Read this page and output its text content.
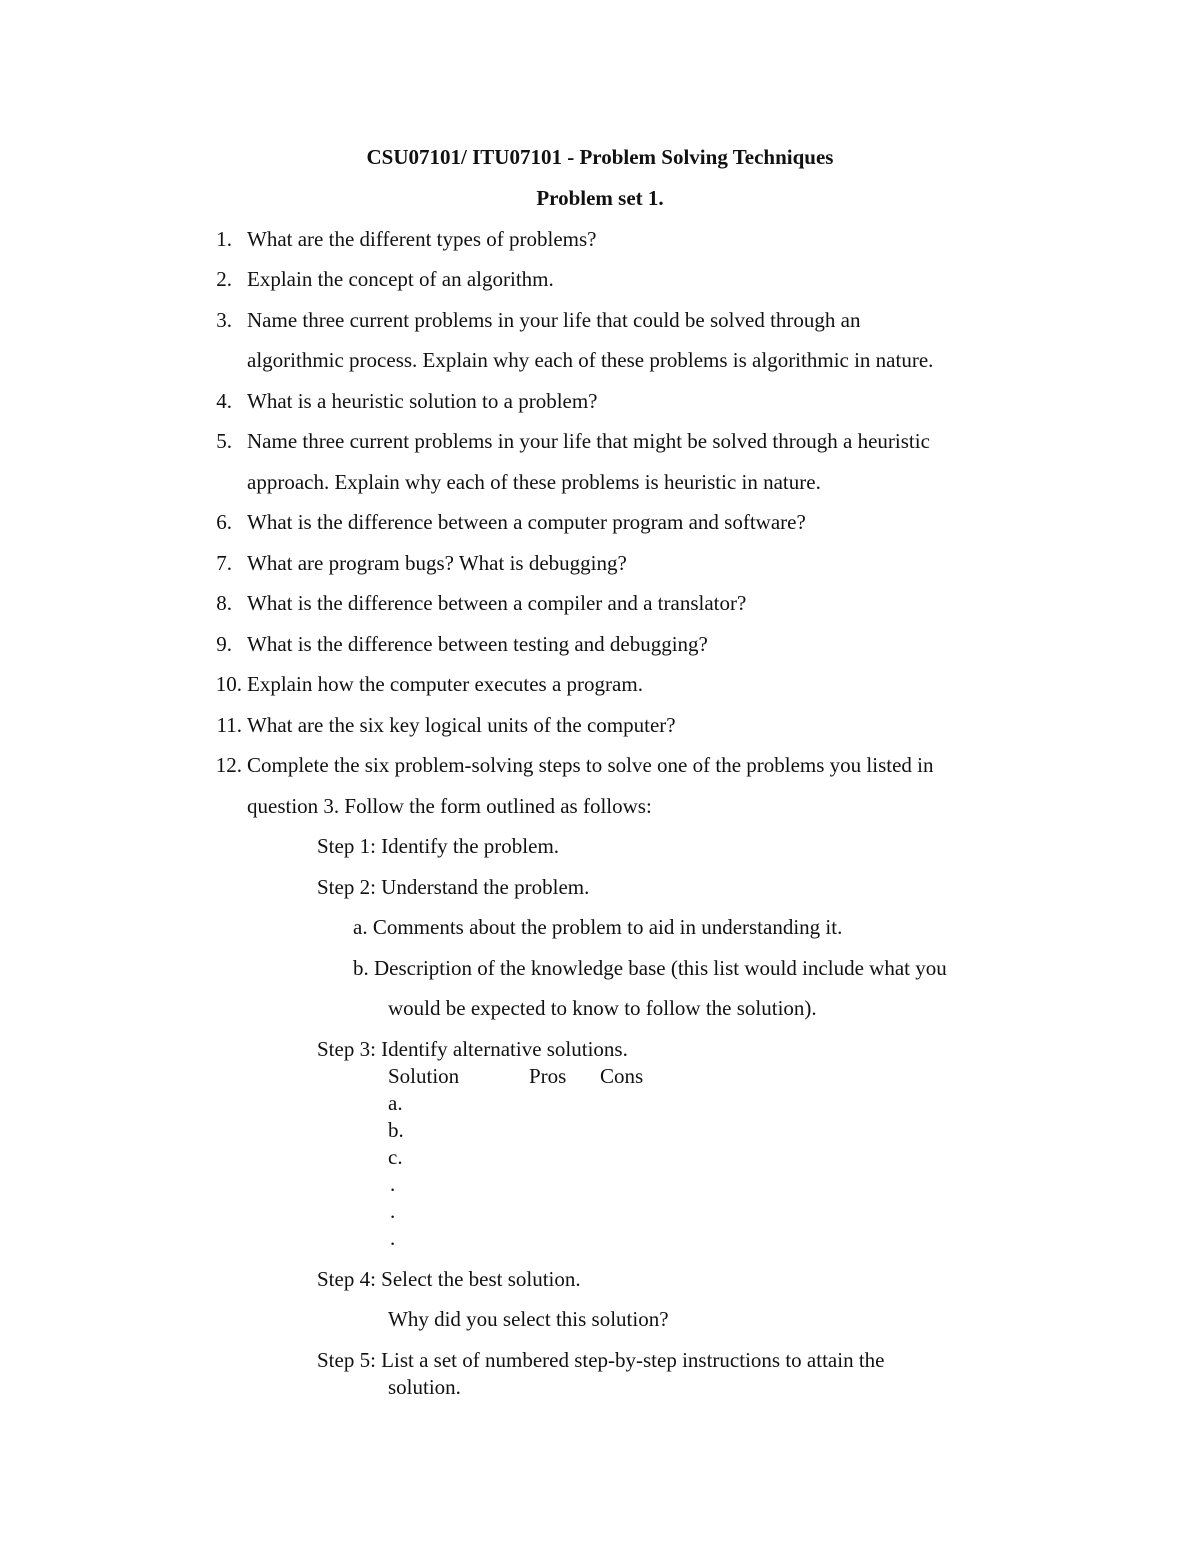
CSU07101/ ITU07101 - Problem Solving Techniques
Problem set 1.
1. What are the different types of problems?
2. Explain the concept of an algorithm.
3. Name three current problems in your life that could be solved through an
algorithmic process. Explain why each of these problems is algorithmic in nature.
4. What is a heuristic solution to a problem?
5. Name three current problems in your life that might be solved through a heuristic
approach. Explain why each of these problems is heuristic in nature.
6. What is the difference between a computer program and software?
7. What are program bugs? What is debugging?
8. What is the difference between a compiler and a translator?
9. What is the difference between testing and debugging?
10. Explain how the computer executes a program.
11. What are the six key logical units of the computer?
12. Complete the six problem-solving steps to solve one of the problems you listed in
question 3. Follow the form outlined as follows:
Step 1: Identify the problem.
Step 2: Understand the problem.
a. Comments about the problem to aid in understanding it.
b. Description of the knowledge base (this list would include what you
would be expected to know to follow the solution).
Step 3: Identify alternative solutions.
Solution	Pros Cons
a.
b.
c.
.
.
.
Step 4: Select the best solution.
Why did you select this solution?
Step 5: List a set of numbered step-by-step instructions to attain the
solution.
